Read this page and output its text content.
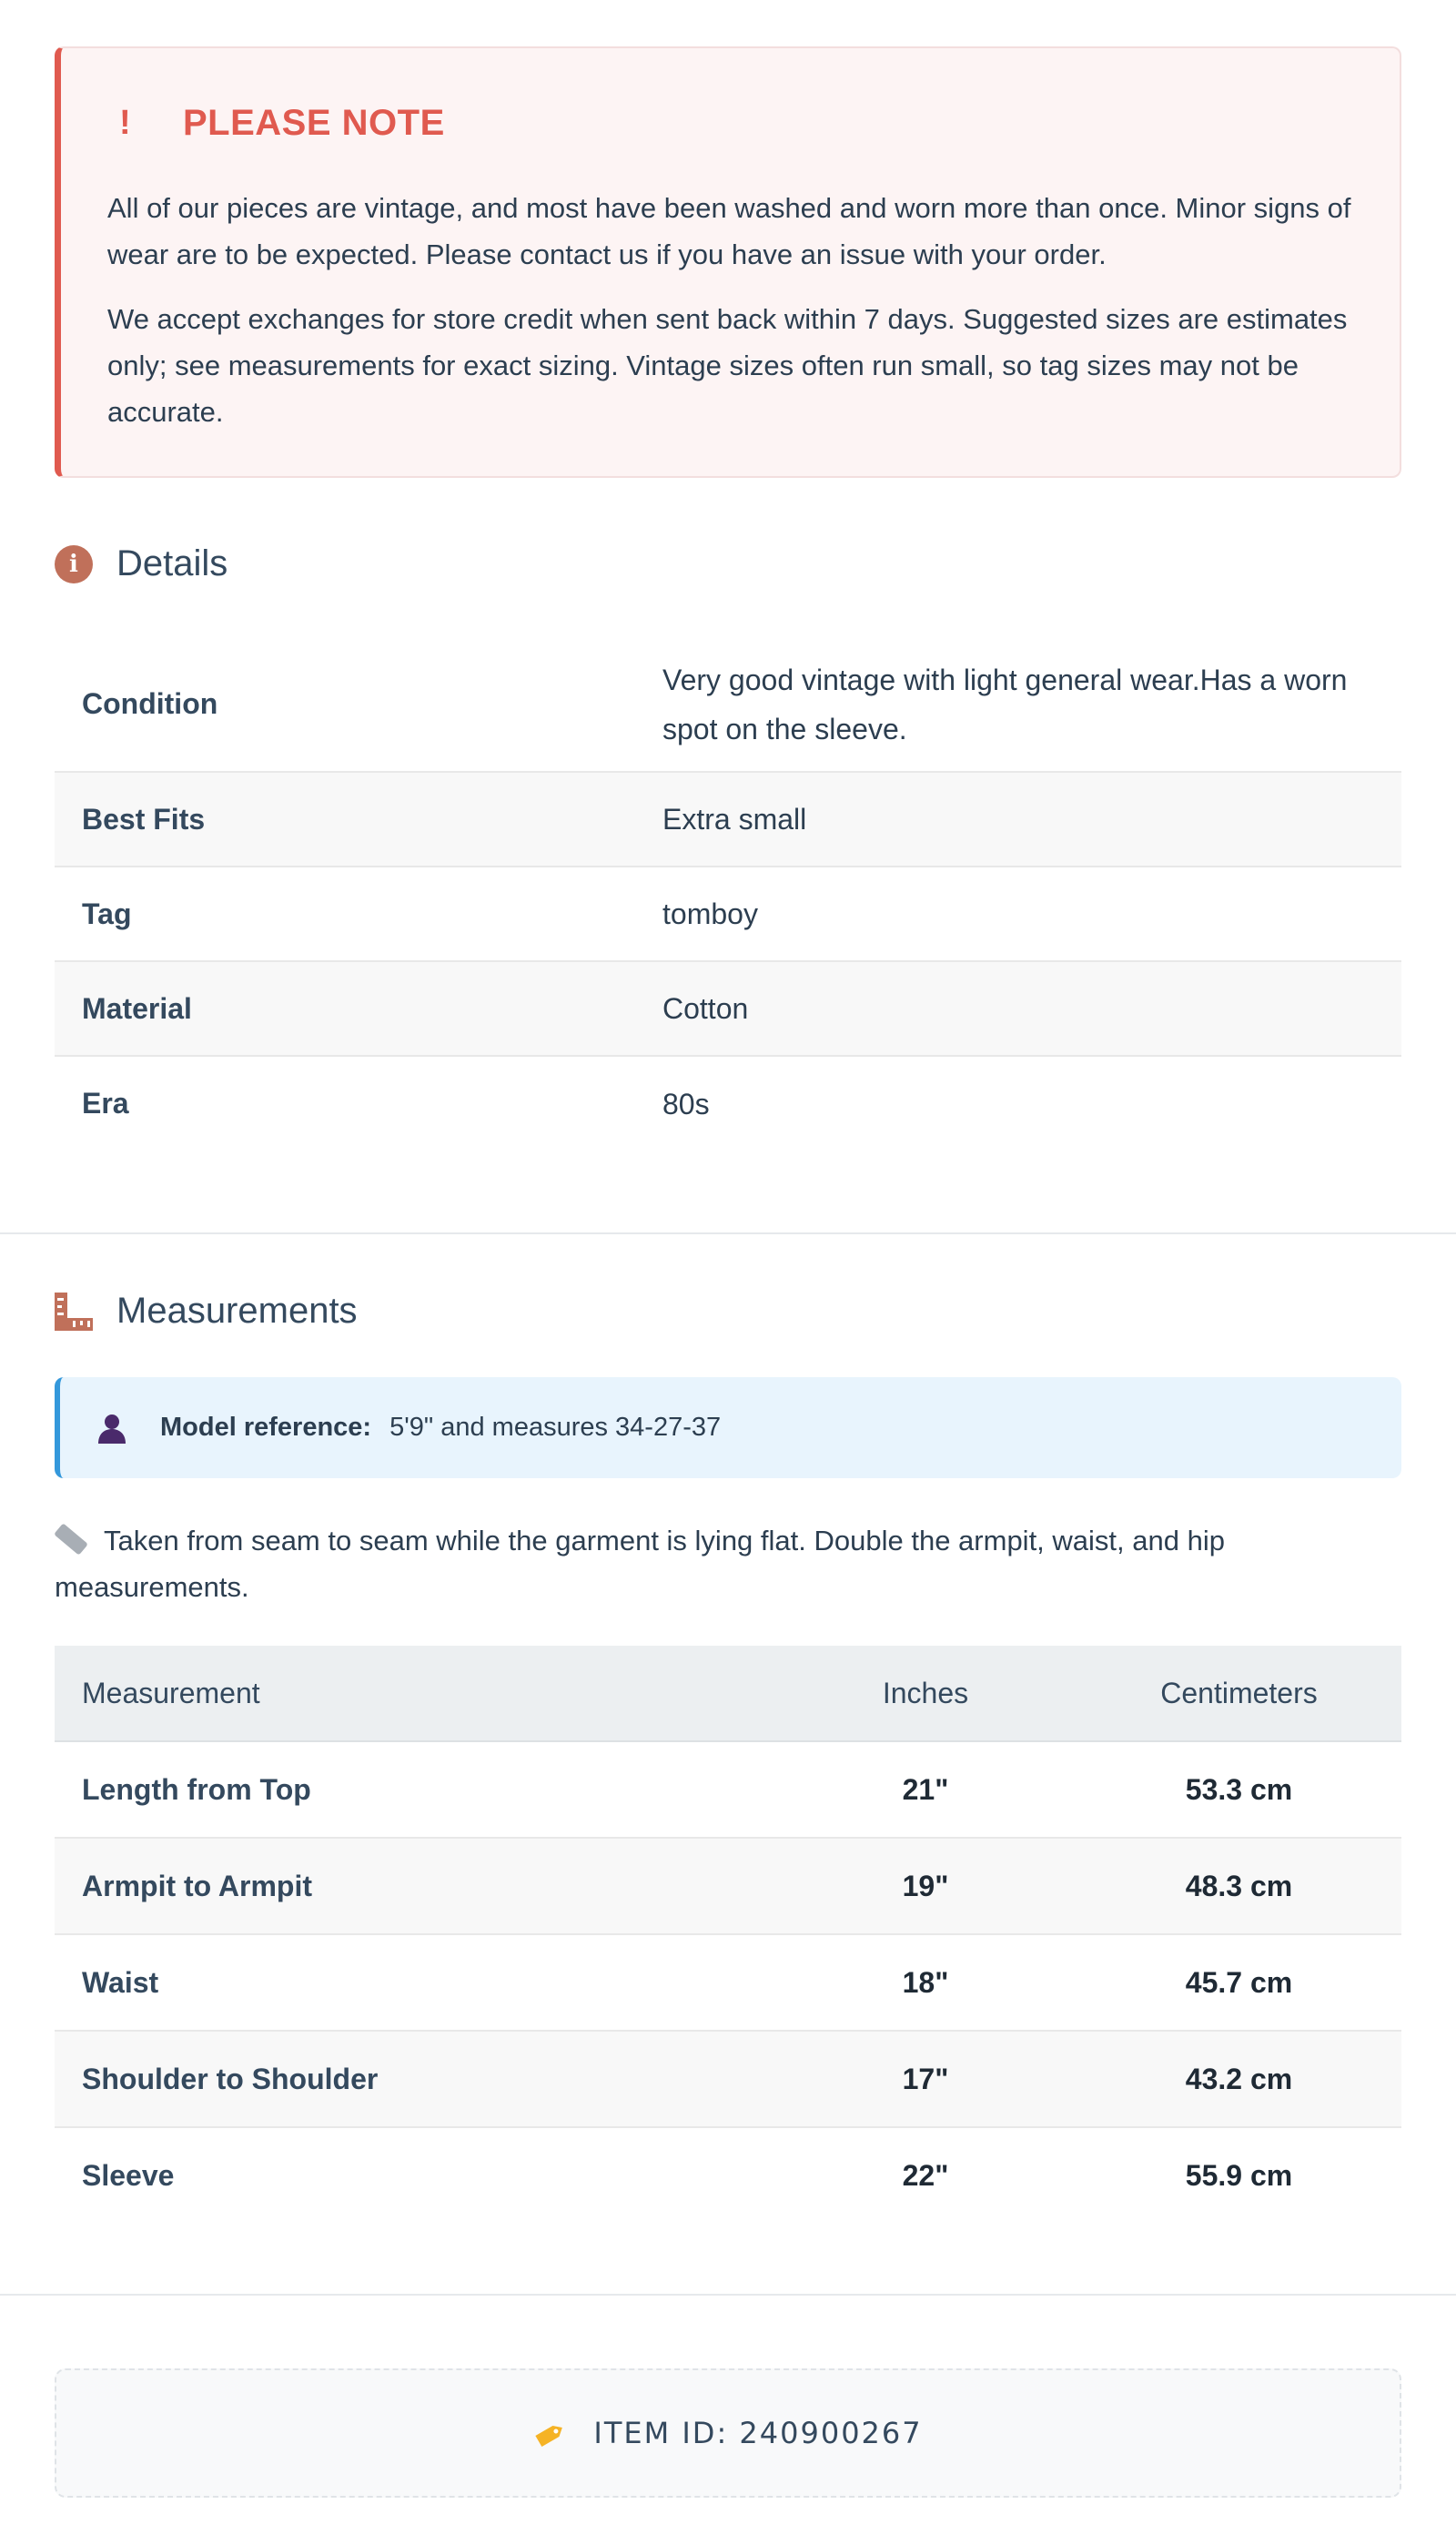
!	PLEASE NOTE

All of our pieces are vintage, and most have been washed and worn more than once. Minor signs of wear are to be expected. Please contact us if you have an issue with your order.

We accept exchanges for store credit when sent back within 7 days. Suggested sizes are estimates only; see measurements for exact sizing. Vintage sizes often run small, so tag sizes may not be accurate.

i	Details
Condition	Very good vintage with light general wear.Has a worn spot on the sleeve.
Best Fits	Extra small
Tag	tomboy
Material	Cotton
Era	80s
Measurements
Model reference: 5'9" and measures 34-27-37
Taken from seam to seam while the garment is lying flat. Double the armpit, waist, and hip measurements.
Measurement	Inches	Centimeters
Length from Top	21"	53.3 cm
Armpit to Armpit	19"	48.3 cm
Waist	18"	45.7 cm
Shoulder to Shoulder	17"	43.2 cm
Sleeve	22"	55.9 cm
ITEM ID: 240900267
